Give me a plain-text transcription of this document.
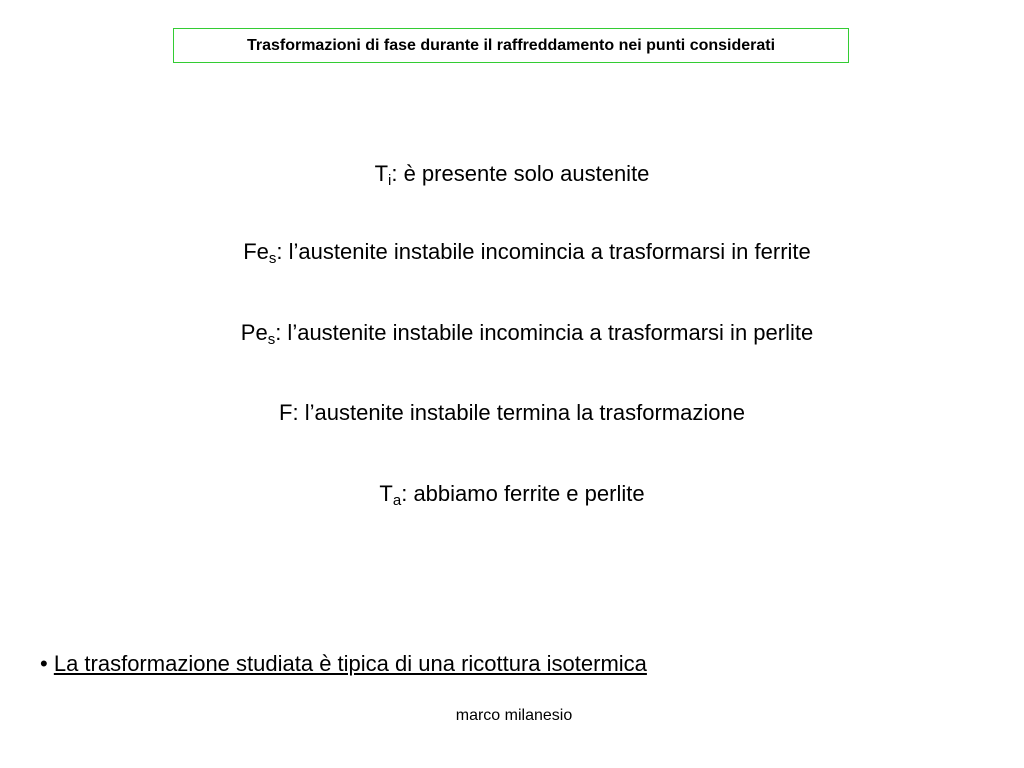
Trasformazioni di fase durante il raffreddamento nei punti considerati
$T_i$: è presente solo austenite
$Fe_s$: l’austenite instabile incomincia a trasformarsi in ferrite
$Pe_s$: l’austenite instabile incomincia a trasformarsi in perlite
F: l’austenite instabile termina la trasformazione
$T_a$: abbiamo ferrite e perlite
• La trasformazione studiata è tipica di una ricottura isotermica
marco milanesio
